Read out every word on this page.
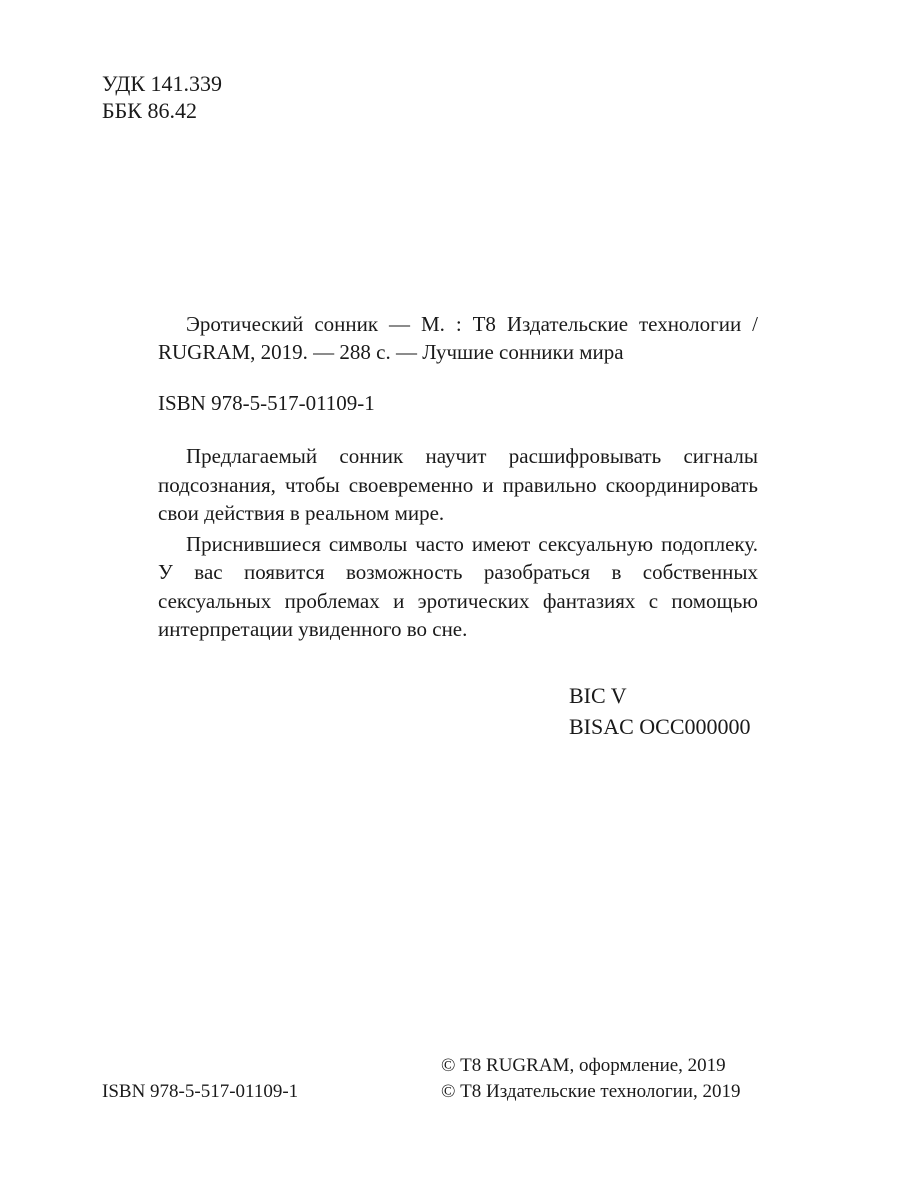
УДК 141.339
ББК 86.42

Эротический сонник — М. : Т8 Издательские технологии / RUGRAM, 2019. — 288 с. — Лучшие сонники мира

ISBN 978-5-517-01109-1

Предлагаемый сонник научит расшифровывать сигналы подсознания, чтобы своевременно и правильно скоординировать свои действия в реальном мире.

Приснившиеся символы часто имеют сексуальную подоплеку. У вас появится возможность разобраться в собственных сексуальных проблемах и эротических фантазиях с помощью интерпретации увиденного во сне.

BIC V
BISAC OCC000000
© Т8 RUGRAM, оформление, 2019
© Т8 Издательские технологии, 2019
ISBN 978-5-517-01109-1
